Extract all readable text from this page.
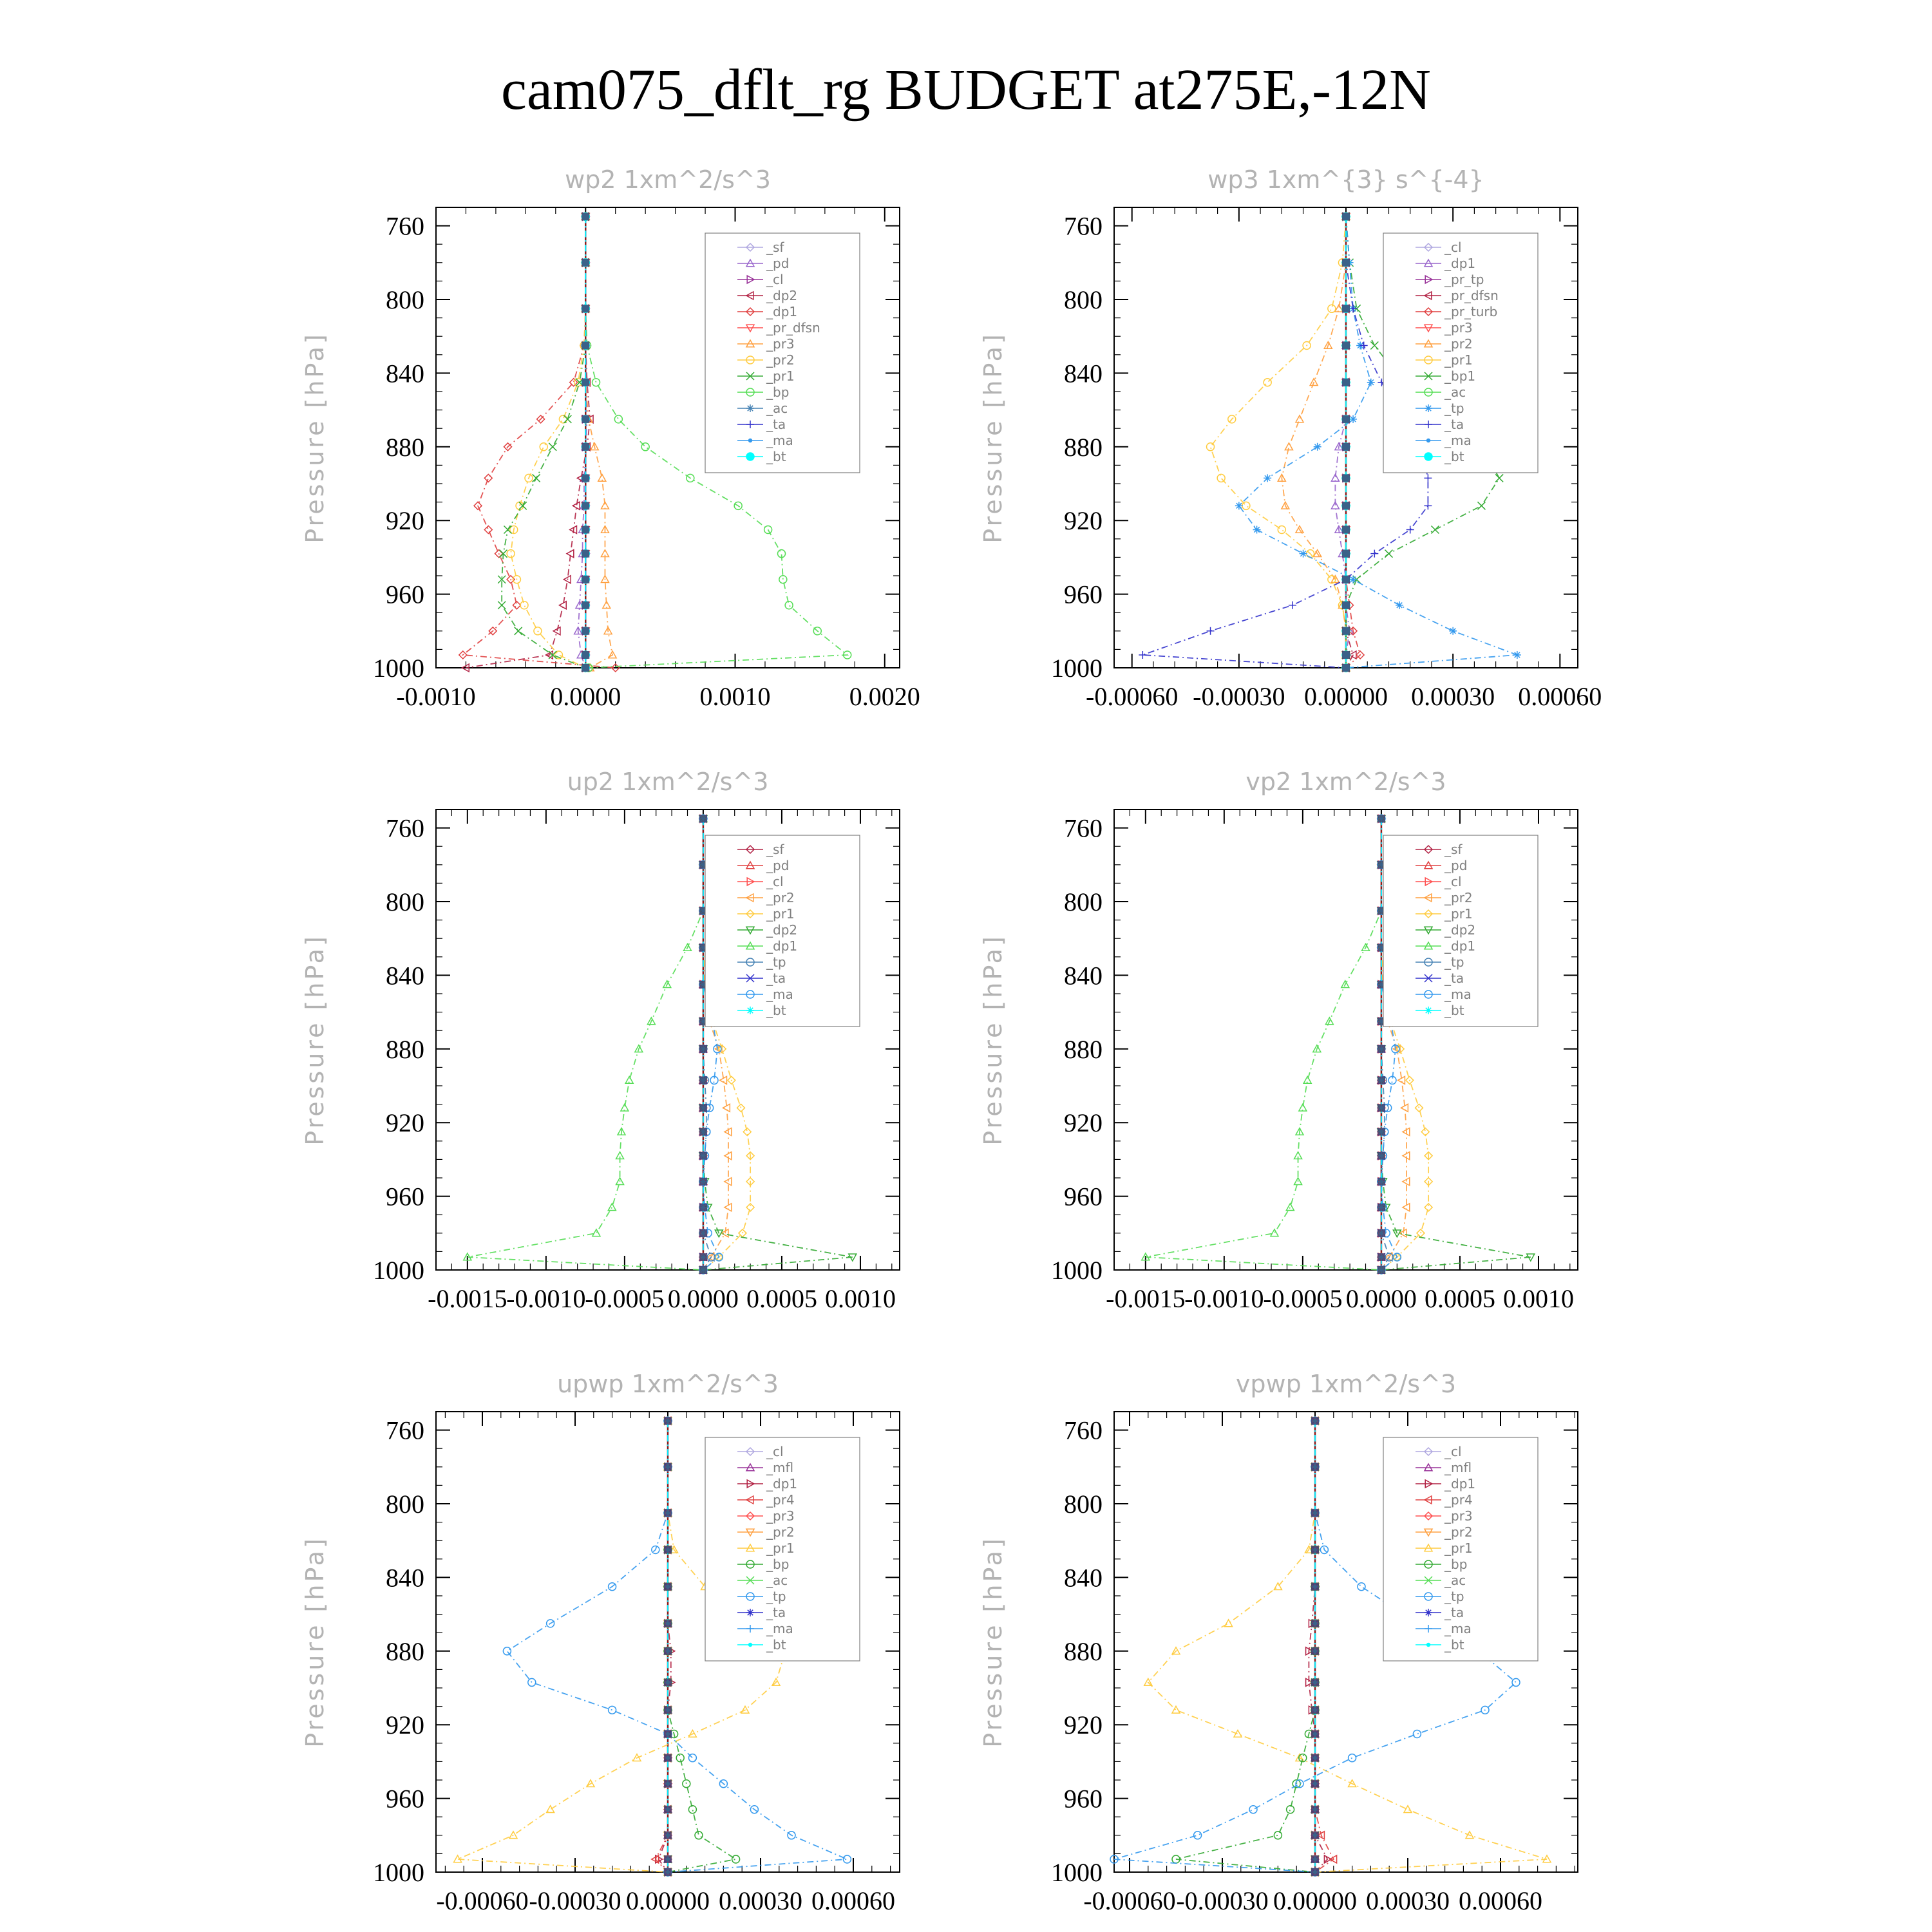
cam075_dflt_rg BUDGET at275E,-12N
wp2 1xm^2/s^3
Pressure [hPa]
760
800
840
880
920
960
1000
-0.0010	0.0000	0.0010	0.0020
_sf
_pd
_cl
_dp2
_dp1
_pr_dfsn
_pr3
_pr2
_pr1
_bp
_ac
_ta
_ma
_bt
wp3 1xm^{3} s^{-4}
Pressure [hPa]
760
800
840
880
920
960
1000
-0.00060 -0.00030 0.00000 0.00030 0.00060
_cl
_dp1
_pr_tp
_pr_dfsn
_pr_turb
_pr3
_pr2
_pr1
_bp1
_ac
_tp
_ta
_ma
_bt
up2 1xm^2/s^3
Pressure [hPa]
760
800
840
880
920
960
1000
-0.0015
-0.0010
-0.0005 0.0000 0.0005 0.0010
_sf
_pd
_cl
_pr2
_pr1
_dp2
_dp1
_tp
_ta
_ma
_bt
vp2 1xm^2/s^3
Pressure [hPa]
760
800
840
880
920
960
1000
-0.0015
-0.0010
-0.0005 0.0000 0.0005 0.0010
_sf
_pd
_cl
_pr2
_pr1
_dp2
_dp1
_tp
_ta
_ma
_bt
upwp 1xm^2/s^3
Pressure [hPa]
760
800
840
880
920
960
1000
-0.00060 -0.00030 0.00000 0.00030 0.00060
_cl
_mfl
_dp1
_pr4
_pr3
_pr2
_pr1
_bp
_ac
_tp
_ta
_ma
_bt
vpwp 1xm^2/s^3
Pressure [hPa]
760
800
840
880
920
960
1000
-0.00060 -0.00030 0.00000 0.00030 0.00060
_cl
_mfl
_dp1
_pr4
_pr3
_pr2
_pr1
_bp
_ac
_tp
_ta
_ma
_bt
